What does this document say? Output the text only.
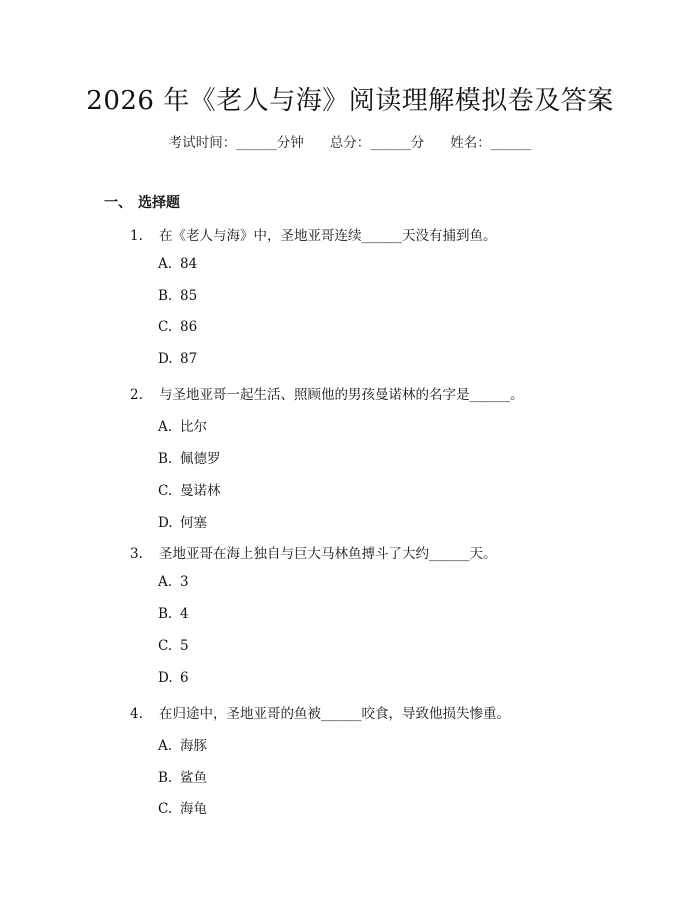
2026 年《老人与海》阅读理解模拟卷及答案
考试时间：______分钟 总分：______分 姓名：______
一、 选择题
1. 在《老人与海》中，圣地亚哥连续______天没有捕到鱼。
A. 84
B. 85
C. 86
D. 87
2. 与圣地亚哥一起生活、照顾他的男孩曼诺林的名字是______。
A. 比尔
B. 佩德罗
C. 曼诺林
D. 何塞
3. 圣地亚哥在海上独自与巨大马林鱼搏斗了大约______天。
A. 3
B. 4
C. 5
D. 6
4. 在归途中，圣地亚哥的鱼被______咬食，导致他损失惨重。
A. 海豚
B. 鲨鱼
C. 海龟
